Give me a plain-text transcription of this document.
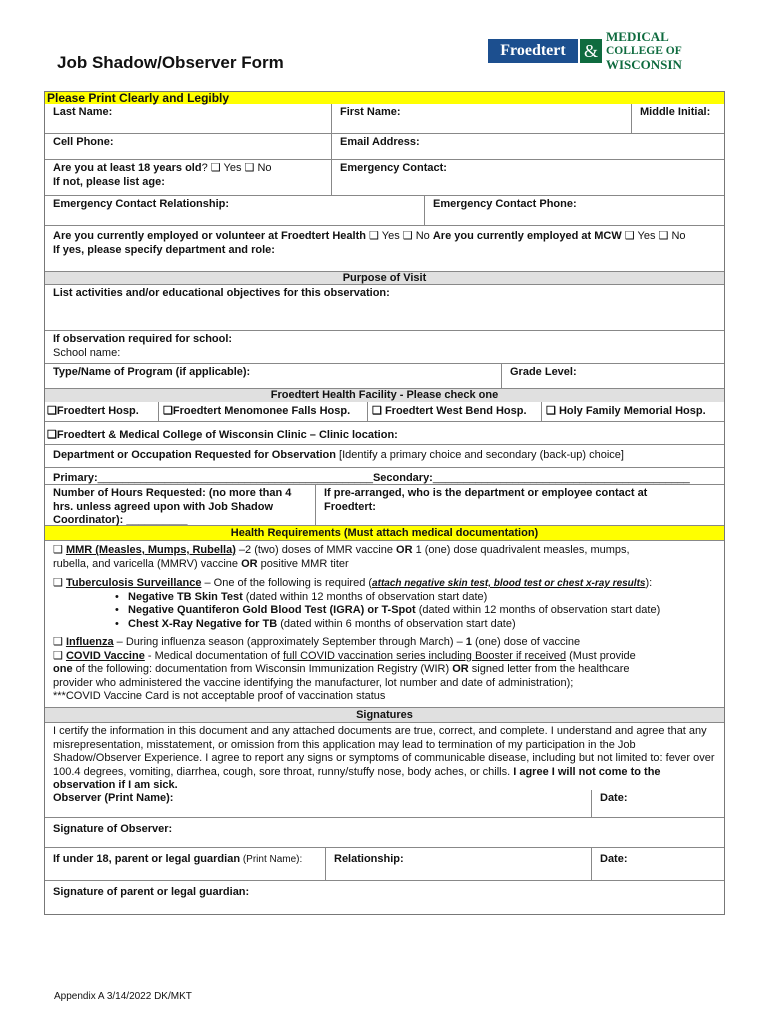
Job Shadow/Observer Form
Froedtert	&
MEDICAL
COLLEGE OF
WISCONSIN
Please Print Clearly and Legibly
Last Name:	First Name:	Middle Initial:
Cell Phone:	Email Address:
Are you at least 18 years old? ❑ Yes ❑ No
If not, please list age:
Emergency Contact:
Emergency Contact Relationship:	Emergency Contact Phone:
Are you currently employed or volunteer at Froedtert Health ❑ Yes ❑ No Are you currently employed at MCW ❑ Yes ❑ No
If yes, please specify department and role:
Purpose of Visit
List activities and/or educational objectives for this observation:
If observation required for school:
School name:
Type/Name of Program (if applicable):	Grade Level:
Froedtert Health Facility - Please check one
❑Froedtert Hosp.	❑Froedtert Menomonee Falls Hosp.	❑ Froedtert West Bend Hosp.	❑ Holy Family Memorial Hosp.
❑Froedtert & Medical College of Wisconsin Clinic – Clinic location:
Department or Occupation Requested for Observation [Identify a primary choice and secondary (back-up) choice]
Primary:_____________________________________________Secondary:__________________________________________
Number of Hours Requested: (no more than 4 hrs. unless agreed upon with Job Shadow Coordinator): __________
If pre-arranged, who is the department or employee contact at Froedtert:
Health Requirements (Must attach medical documentation)
❑ MMR (Measles, Mumps, Rubella) –2 (two) doses of MMR vaccine OR 1 (one) dose quadrivalent measles, mumps,
rubella, and varicella (MMRV) vaccine OR positive MMR titer
❑ Tuberculosis Surveillance – One of the following is required (attach negative skin test, blood test or chest x-ray results):
•   Negative TB Skin Test (dated within 12 months of observation start date)
•   Negative Quantiferon Gold Blood Test (IGRA) or T-Spot (dated within 12 months of observation start date)
•   Chest X-Ray Negative for TB (dated within 6 months of observation start date)
❑ Influenza – During influenza season (approximately September through March) – 1 (one) dose of vaccine
❑ COVID Vaccine - Medical documentation of full COVID vaccination series including Booster if received (Must provide
one of the following: documentation from Wisconsin Immunization Registry (WIR) OR signed letter from the healthcare
provider who administered the vaccine identifying the manufacturer, lot number and date of administration);
***COVID Vaccine Card is not acceptable proof of vaccination status
Signatures
I certify the information in this document and any attached documents are true, correct, and complete. I understand and agree that any misrepresentation, misstatement, or omission from this application may lead to termination of my participation in the Job Shadow/Observer Experience. I agree to report any signs or symptoms of communicable disease, including but not limited to: fever over 100.4 degrees, vomiting, diarrhea, cough, sore throat, runny/stuffy nose, body aches, or chills. I agree I will not come to the observation if I am sick.
Observer (Print Name):	Date:
Signature of Observer:
If under 18, parent or legal guardian (Print Name):	Relationship:	Date:
Signature of parent or legal guardian:
Appendix A 3/14/2022 DK/MKT
